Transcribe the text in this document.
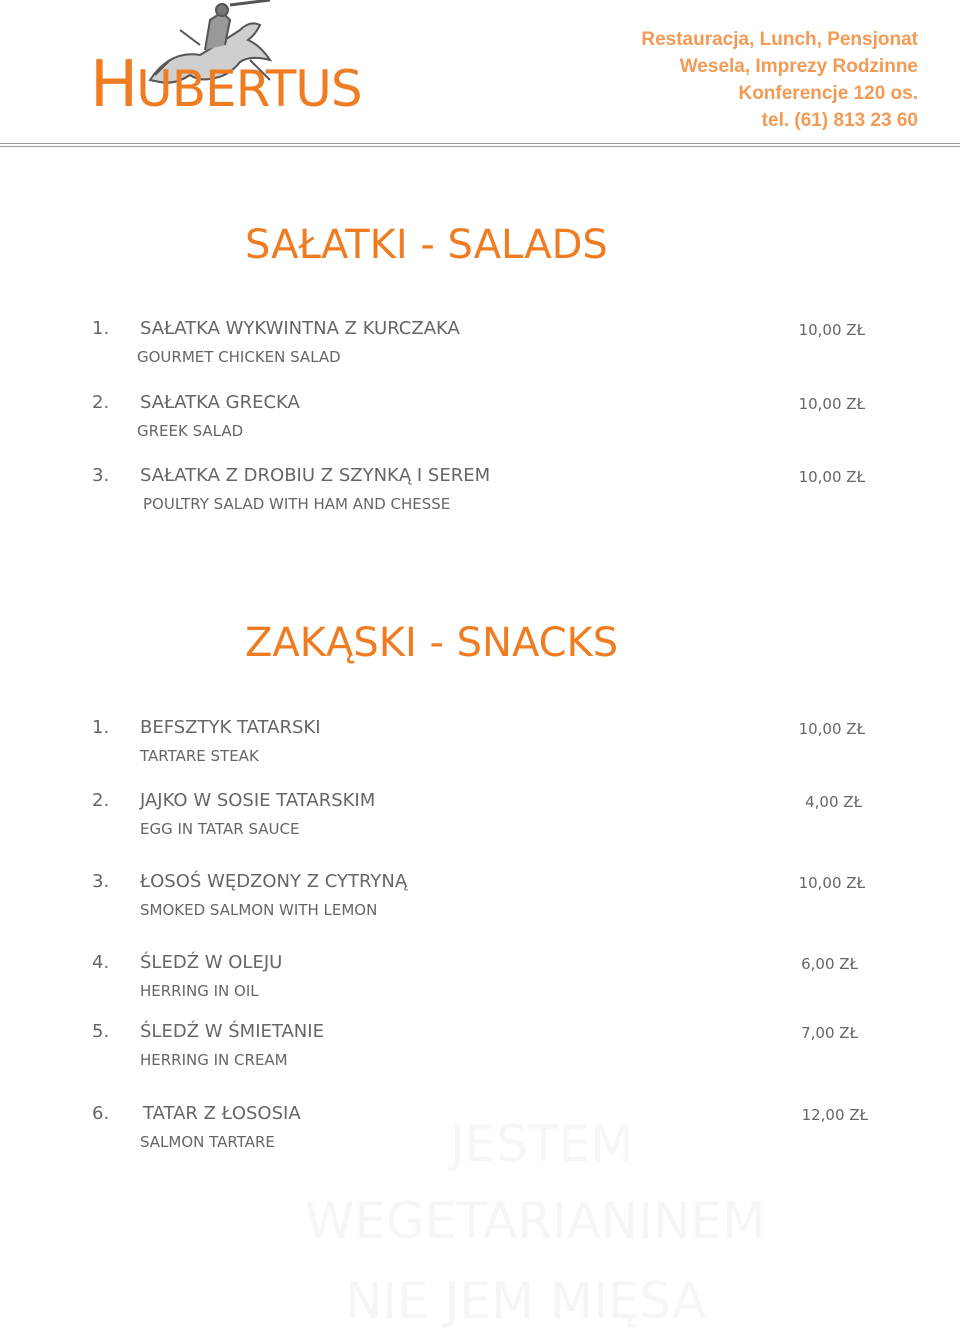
HUBERTUS
Restauracja, Lunch, Pensjonat
Wesela, Imprezy Rodzinne
Konferencje 120 os.
tel. (61) 813 23 60
JESTEM
WEGETARIANINEM
NIE JEM MIĘSA
SAŁATKI - SALADS
1. SAŁATKA WYKWINTNA Z KURCZAKA	10,00 ZŁ
GOURMET CHICKEN SALAD
2. SAŁATKA GRECKA	10,00 ZŁ
GREEK SALAD
3. SAŁATKA Z DROBIU Z SZYNKĄ I SEREM	10,00 ZŁ
POULTRY SALAD WITH HAM AND CHESSE
ZAKĄSKI - SNACKS
1. BEFSZTYK TATARSKI	10,00 ZŁ
TARTARE STEAK
2. JAJKO W SOSIE TATARSKIM	4,00 ZŁ
EGG IN TATAR SAUCE
3. ŁOSOŚ WĘDZONY Z CYTRYNĄ	10,00 ZŁ
SMOKED SALMON WITH LEMON
4. ŚLEDŹ W OLEJU	6,00 ZŁ
HERRING IN OIL
5. ŚLEDŹ W ŚMIETANIE	7,00 ZŁ
HERRING IN CREAM
6. TATAR Z ŁOSOSIA	12,00 ZŁ
SALMON TARTARE
